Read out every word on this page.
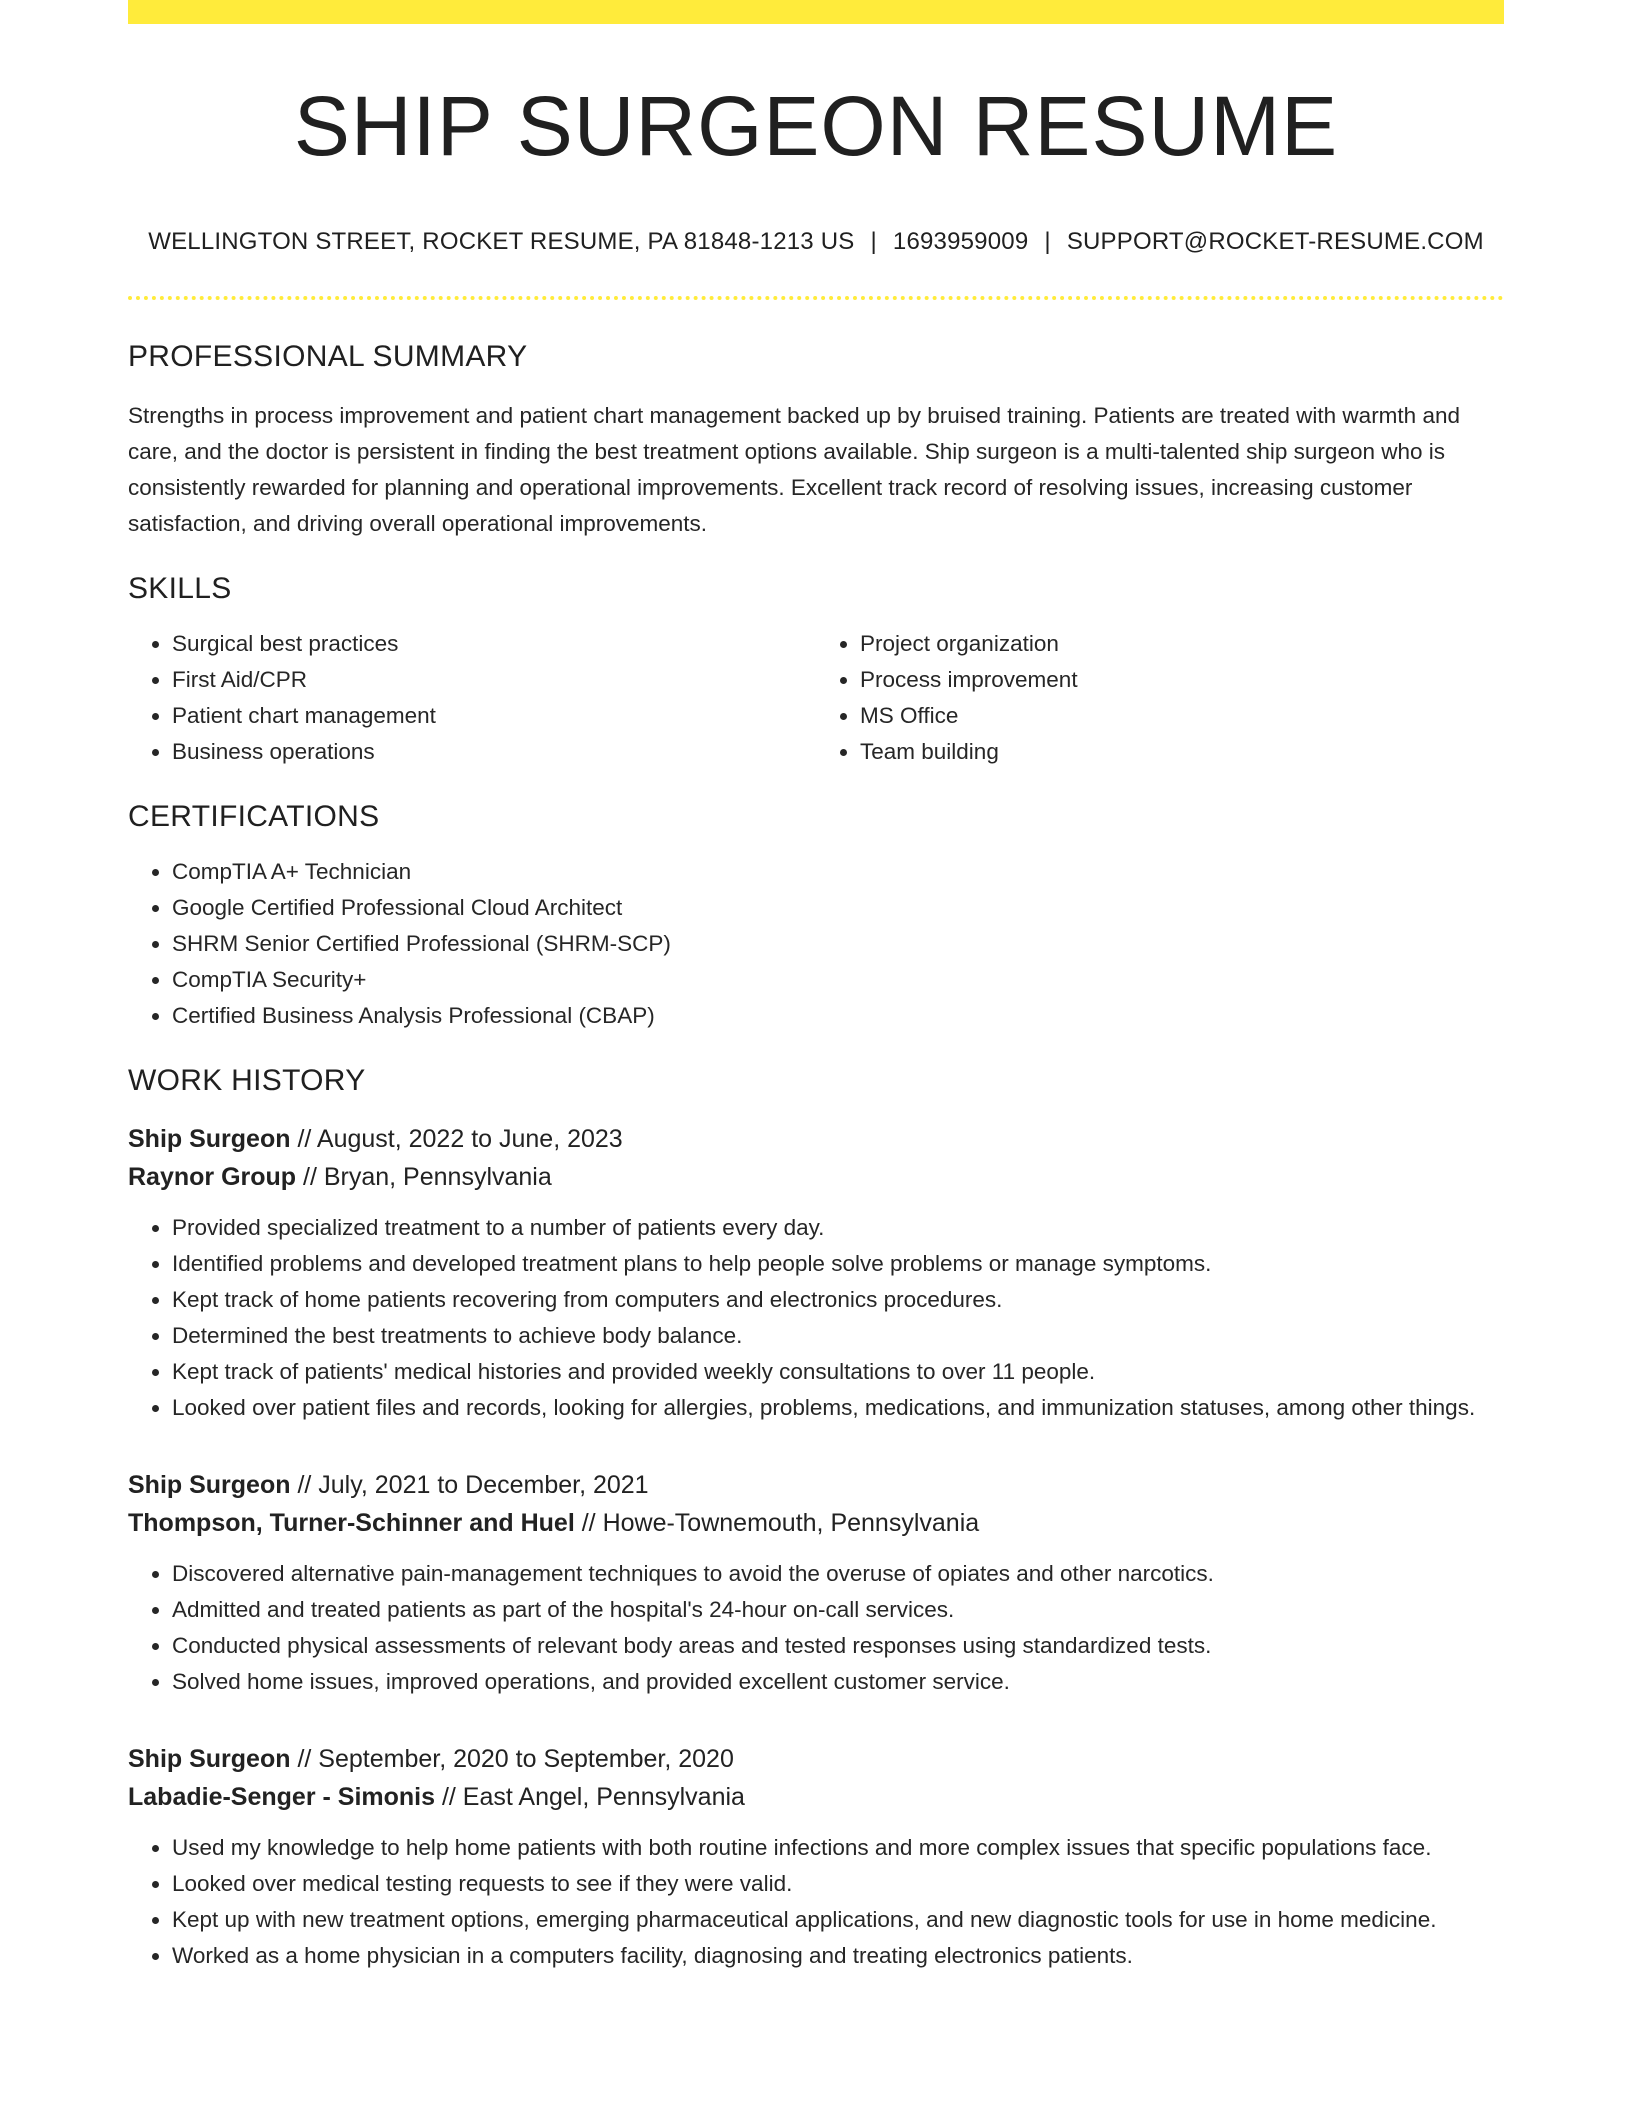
SHIP SURGEON RESUME
WELLINGTON STREET, ROCKET RESUME, PA 81848-1213 US | 1693959009 | SUPPORT@ROCKET-RESUME.COM
PROFESSIONAL SUMMARY
Strengths in process improvement and patient chart management backed up by bruised training. Patients are treated with warmth and care, and the doctor is persistent in finding the best treatment options available. Ship surgeon is a multi-talented ship surgeon who is consistently rewarded for planning and operational improvements. Excellent track record of resolving issues, increasing customer satisfaction, and driving overall operational improvements.
SKILLS
• Surgical best practices
• First Aid/CPR
• Patient chart management
• Business operations
• Project organization
• Process improvement
• MS Office
• Team building
CERTIFICATIONS
• CompTIA A+ Technician
• Google Certified Professional Cloud Architect
• SHRM Senior Certified Professional (SHRM-SCP)
• CompTIA Security+
• Certified Business Analysis Professional (CBAP)
WORK HISTORY
Ship Surgeon // August, 2022 to June, 2023
Raynor Group // Bryan, Pennsylvania
• Provided specialized treatment to a number of patients every day.
• Identified problems and developed treatment plans to help people solve problems or manage symptoms.
• Kept track of home patients recovering from computers and electronics procedures.
• Determined the best treatments to achieve body balance.
• Kept track of patients' medical histories and provided weekly consultations to over 11 people.
• Looked over patient files and records, looking for allergies, problems, medications, and immunization statuses, among other things.
Ship Surgeon // July, 2021 to December, 2021
Thompson, Turner-Schinner and Huel // Howe-Townemouth, Pennsylvania
• Discovered alternative pain-management techniques to avoid the overuse of opiates and other narcotics.
• Admitted and treated patients as part of the hospital's 24-hour on-call services.
• Conducted physical assessments of relevant body areas and tested responses using standardized tests.
• Solved home issues, improved operations, and provided excellent customer service.
Ship Surgeon // September, 2020 to September, 2020
Labadie-Senger - Simonis // East Angel, Pennsylvania
• Used my knowledge to help home patients with both routine infections and more complex issues that specific populations face.
• Looked over medical testing requests to see if they were valid.
• Kept up with new treatment options, emerging pharmaceutical applications, and new diagnostic tools for use in home medicine.
• Worked as a home physician in a computers facility, diagnosing and treating electronics patients.
